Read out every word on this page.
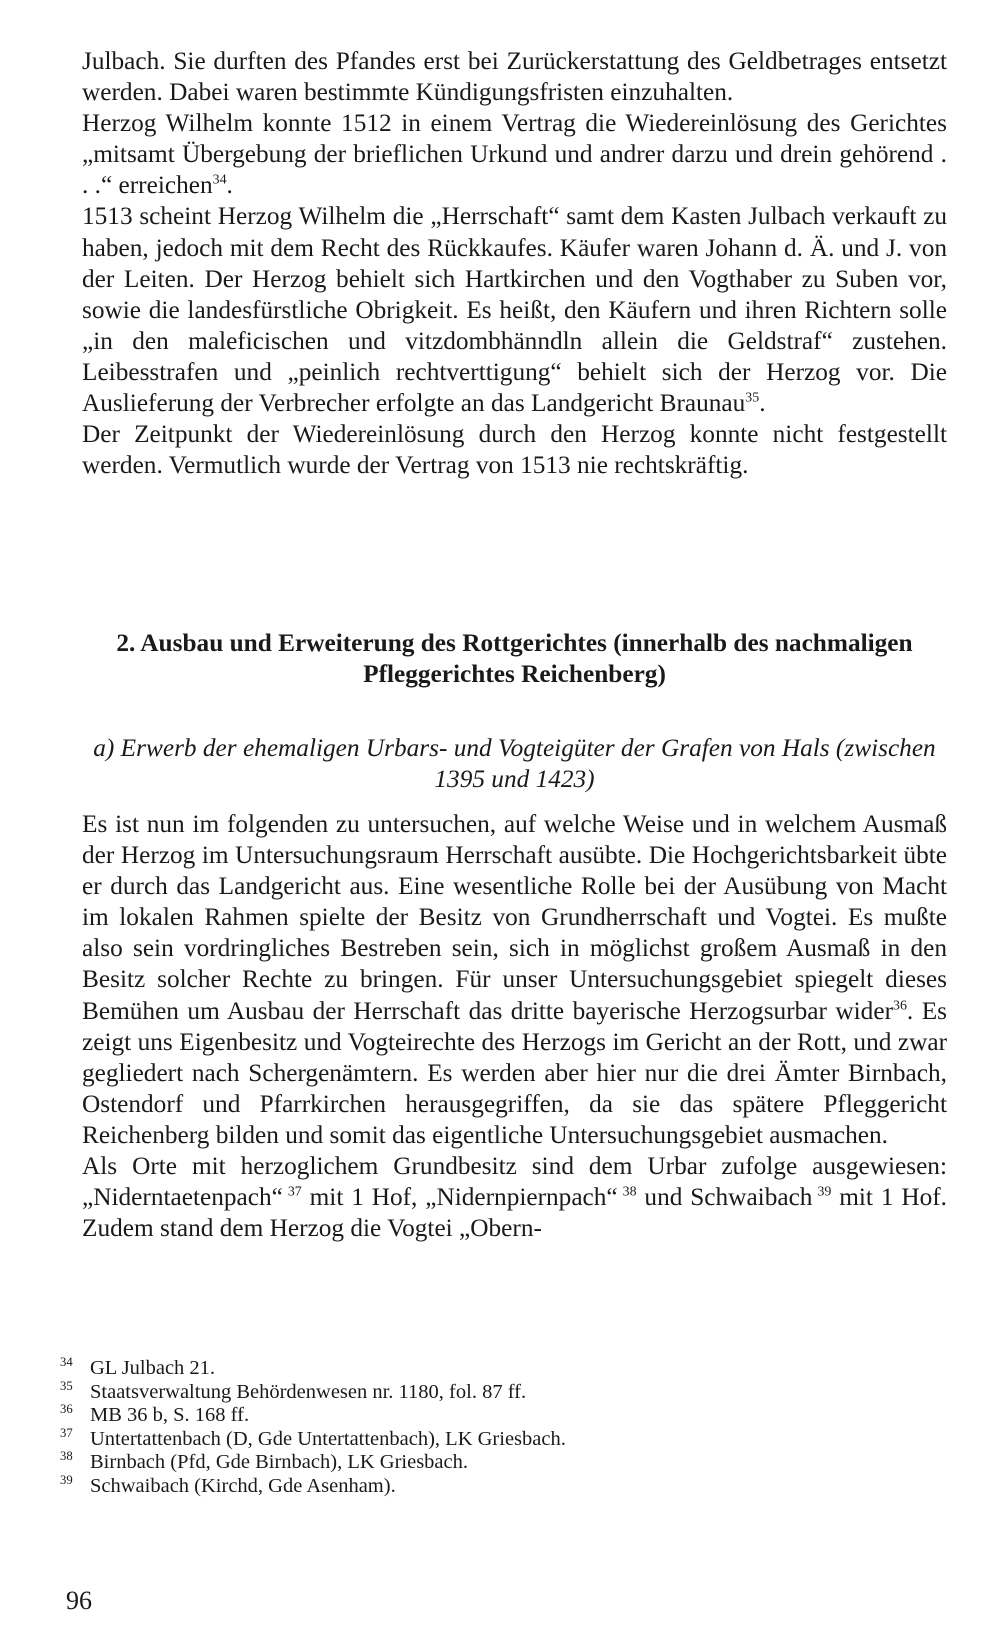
Julbach. Sie durften des Pfandes erst bei Zurückerstattung des Geldbetrages entsetzt werden. Dabei waren bestimmte Kündigungsfristen einzuhalten.

Herzog Wilhelm konnte 1512 in einem Vertrag die Wiedereinlösung des Gerichtes „mitsamt Übergebung der brieflichen Urkund und andrer darzu und drein gehörend . . .“ erreichen$^{34}$.

1513 scheint Herzog Wilhelm die „Herrschaft“ samt dem Kasten Julbach verkauft zu haben, jedoch mit dem Recht des Rückkaufes. Käufer waren Johann d. Ä. und J. von der Leiten. Der Herzog behielt sich Hartkirchen und den Vogthaber zu Suben vor, sowie die landesfürstliche Obrigkeit. Es heißt, den Käufern und ihren Richtern solle „in den maleficischen und vitzdombhänndln allein die Geldstraf“ zustehen. Leibesstrafen und „peinlich rechtverttigung“ behielt sich der Herzog vor. Die Auslieferung der Verbrecher erfolgte an das Landgericht Braunau$^{35}$.

Der Zeitpunkt der Wiedereinlösung durch den Herzog konnte nicht festgestellt werden. Vermutlich wurde der Vertrag von 1513 nie rechtskräftig.

2. Ausbau und Erweiterung des Rottgerichtes (innerhalb des nachmaligen Pfleggerichtes Reichenberg)
a) Erwerb der ehemaligen Urbars- und Vogteigüter der Grafen von Hals (zwischen 1395 und 1423)

Es ist nun im folgenden zu untersuchen, auf welche Weise und in welchem Ausmaß der Herzog im Untersuchungsraum Herrschaft ausübte. Die Hochgerichtsbarkeit übte er durch das Landgericht aus. Eine wesentliche Rolle bei der Ausübung von Macht im lokalen Rahmen spielte der Besitz von Grundherrschaft und Vogtei. Es mußte also sein vordringliches Bestreben sein, sich in möglichst großem Ausmaß in den Besitz solcher Rechte zu bringen. Für unser Untersuchungsgebiet spiegelt dieses Bemühen um Ausbau der Herrschaft das dritte bayerische Herzogsurbar wider$^{36}$. Es zeigt uns Eigenbesitz und Vogteirechte des Herzogs im Gericht an der Rott, und zwar gegliedert nach Schergenämtern. Es werden aber hier nur die drei Ämter Birnbach, Ostendorf und Pfarrkirchen herausgegriffen, da sie das spätere Pfleggericht Reichenberg bilden und somit das eigentliche Untersuchungsgebiet ausmachen.

Als Orte mit herzoglichem Grundbesitz sind dem Urbar zufolge ausgewiesen: „Niderntaetenpach“ $^{37}$ mit 1 Hof, „Nidernpiernpach“ $^{38}$ und Schwaibach $^{39}$ mit 1 Hof. Zudem stand dem Herzog die Vogtei „Obern-

34 GL Julbach 21.
35 Staatsverwaltung Behördenwesen nr. 1180, fol. 87 ff.
36 MB 36 b, S. 168 ff.
37 Untertattenbach (D, Gde Untertattenbach), LK Griesbach.
38 Birnbach (Pfd, Gde Birnbach), LK Griesbach.
39 Schwaibach (Kirchd, Gde Asenham).
96
